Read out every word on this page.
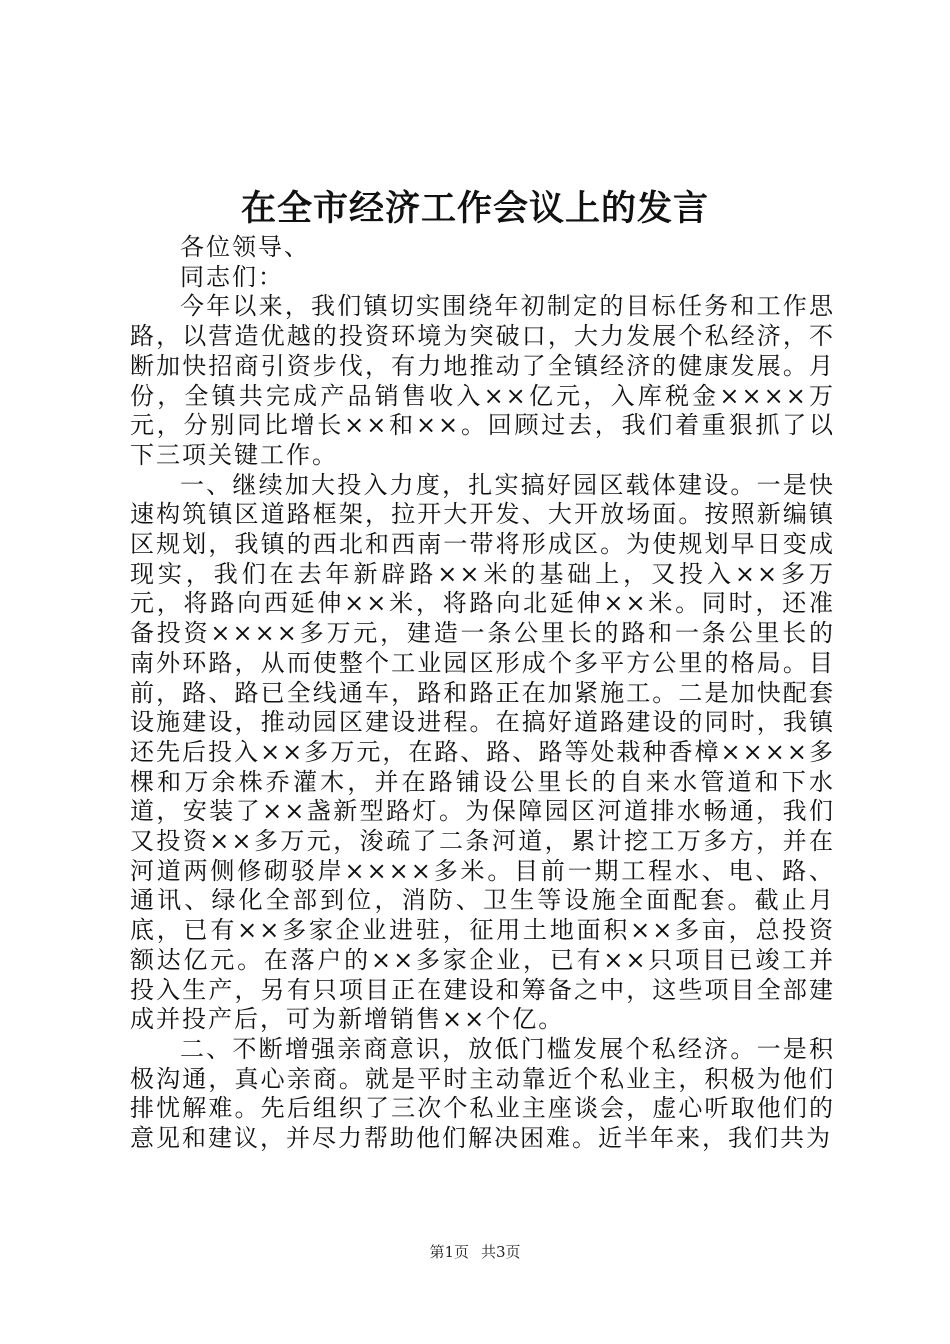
在全市经济工作会议上的发言

各位领导、

同志们：

今年以来，我们镇切实围绕年初制定的目标任务和工作思路，以营造优越的投资环境为突破口，大力发展个私经济，不断加快招商引资步伐，有力地推动了全镇经济的健康发展。月份，全镇共完成产品销售收入××亿元，入库税金××××万元，分别同比增长××和××。回顾过去，我们着重狠抓了以下三项关键工作。

一、继续加大投入力度，扎实搞好园区载体建设。一是快速构筑镇区道路框架，拉开大开发、大开放场面。按照新编镇区规划，我镇的西北和西南一带将形成区。为使规划早日变成现实，我们在去年新辟路××米的基础上，又投入××多万元，将路向西延伸××米，将路向北延伸××米。同时，还准备投资××××多万元，建造一条公里长的路和一条公里长的南外环路，从而使整个工业园区形成个多平方公里的格局。目前，路、路已全线通车，路和路正在加紧施工。二是加快配套设施建设，推动园区建设进程。在搞好道路建设的同时，我镇还先后投入××多万元，在路、路、路等处栽种香樟××××多棵和万余株乔灌木，并在路铺设公里长的自来水管道和下水道，安装了××盏新型路灯。为保障园区河道排水畅通，我们又投资××多万元，浚疏了二条河道，累计挖工万多方，并在河道两侧修砌驳岸××××多米。目前一期工程水、电、路、通讯、绿化全部到位，消防、卫生等设施全面配套。截止月底，已有××多家企业进驻，征用土地面积××多亩，总投资额达亿元。在落户的××多家企业，已有××只项目已竣工并投入生产，另有只项目正在建设和筹备之中，这些项目全部建成并投产后，可为新增销售××个亿。

二、不断增强亲商意识，放低门槛发展个私经济。一是积极沟通，真心亲商。就是平时主动靠近个私业主，积极为他们排忧解难。先后组织了三次个私业主座谈会，虚心听取他们的意见和建议，并尽力帮助他们解决困难。近半年来，我们共为

第1页 共3页
